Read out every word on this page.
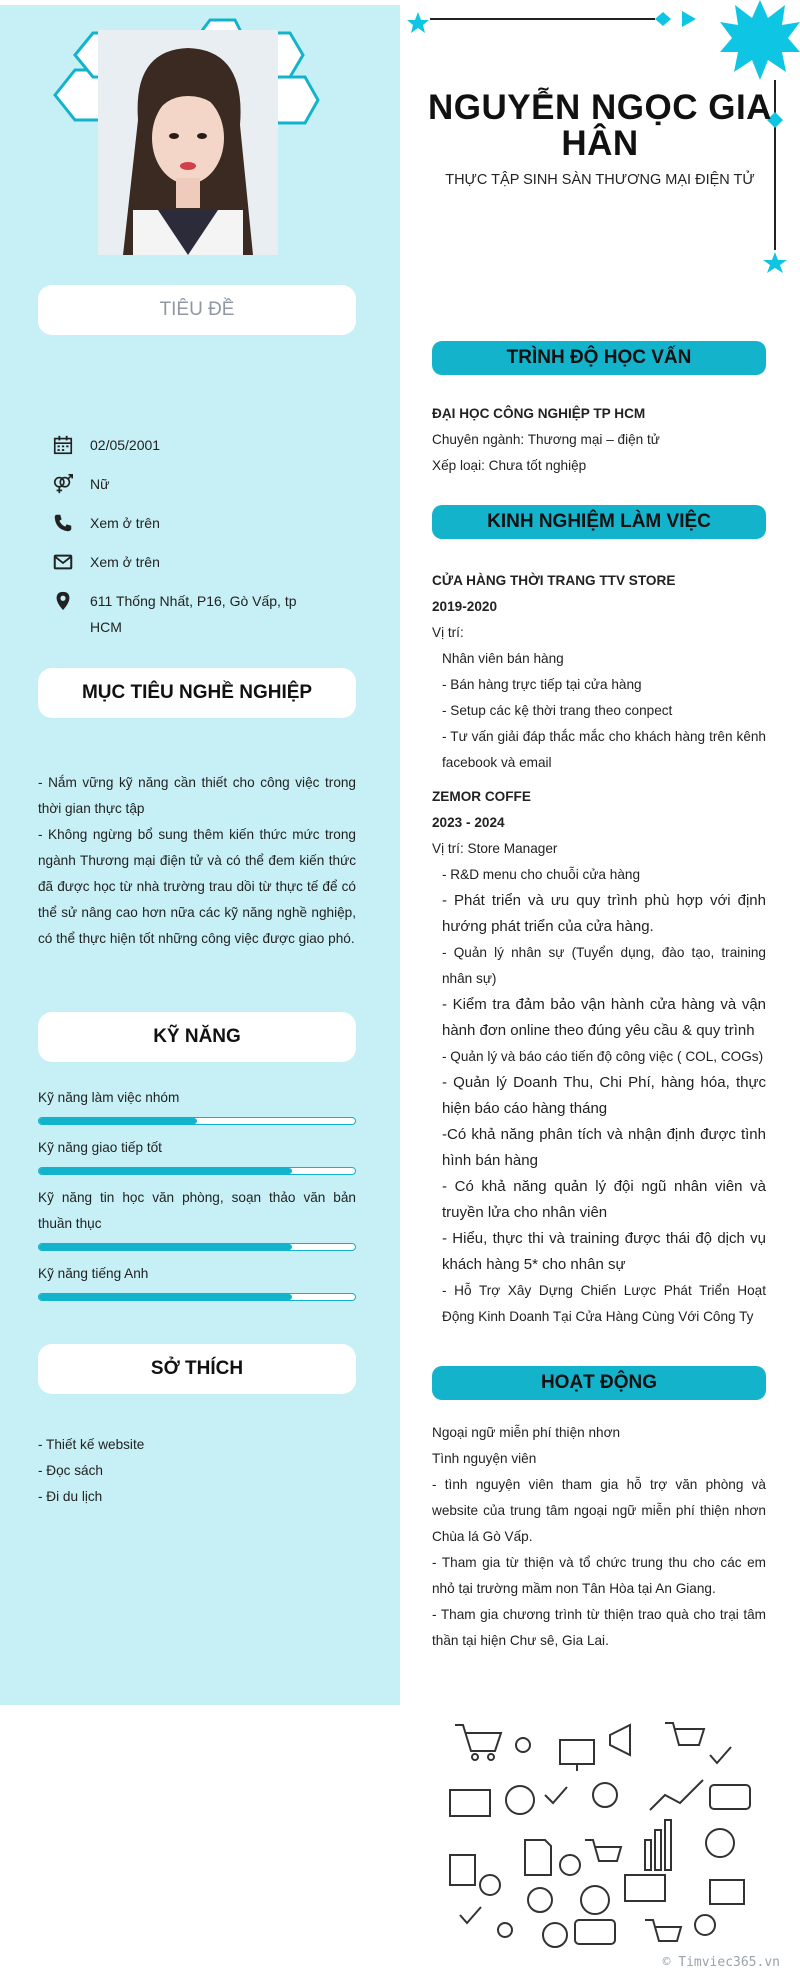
TIÊU ĐỀ
02/05/2001
Nữ
Xem ở trên
Xem ở trên
611 Thống Nhất, P16, Gò Vấp, tp HCM
MỤC TIÊU NGHỀ NGHIỆP

- Nắm vững kỹ năng cần thiết cho công việc trong thời gian thực tập

- Không ngừng bổ sung thêm kiến thức mức trong ngành Thương mại điện tử và có thể đem kiến thức đã được học từ nhà trường trau dồi từ thực tế để có thể sử nâng cao hơn nữa các kỹ năng nghề nghiệp, có thể thực hiện tốt những công việc được giao phó.

KỸ NĂNG
Kỹ năng làm việc nhóm
Kỹ năng giao tiếp tốt
Kỹ năng tin học văn phòng, soạn thảo văn bản thuần thục
Kỹ năng tiếng Anh
SỞ THÍCH
- Thiết kế website
- Đọc sách
- Đi du lịch
NGUYỄN NGỌC GIA HÂN
THỰC TẬP SINH SÀN THƯƠNG MẠI ĐIỆN TỬ
TRÌNH ĐỘ HỌC VẤN
ĐẠI HỌC CÔNG NGHIỆP TP HCM
Chuyên ngành: Thương mại – điện tử
Xếp loại: Chưa tốt nghiệp
KINH NGHIỆM LÀM VIỆC
CỬA HÀNG THỜI TRANG TTV STORE
2019-2020
Vị trí:
Nhân viên bán hàng
- Bán hàng trực tiếp tại cửa hàng
- Setup các kệ thời trang theo conpect
- Tư vấn giải đáp thắc mắc cho khách hàng trên kênh facebook và email
ZEMOR COFFE
2023 - 2024
Vị trí: Store Manager
- R&D menu cho chuỗi cửa hàng
- Phát triển và ưu quy trình phù hợp với định hướng phát triển của cửa hàng.
- Quản lý nhân sự (Tuyển dụng, đào tạo, training nhân sự)
- Kiểm tra đảm bảo vận hành cửa hàng và vận hành đơn online theo đúng yêu cầu & quy trình
- Quản lý và báo cáo tiến độ công việc ( COL, COGs)
- Quản lý Doanh Thu, Chi Phí, hàng hóa, thực hiện báo cáo hàng tháng
-Có khả năng phân tích và nhận định được tình hình bán hàng
- Có khả năng quản lý đội ngũ nhân viên và truyền lửa cho nhân viên
- Hiểu, thực thi và training được thái độ dịch vụ khách hàng 5* cho nhân sự
- Hỗ Trợ Xây Dựng Chiến Lược Phát Triển Hoạt Động Kinh Doanh Tại Cửa Hàng Cùng Với Công Ty
HOẠT ĐỘNG

Ngoại ngữ miễn phí thiện nhơn

Tình nguyện viên

- tình nguyện viên tham gia hỗ trợ văn phòng và website của trung tâm ngoại ngữ miễn phí thiện nhơn Chùa lá Gò Vấp.

- Tham gia từ thiện và tổ chức trung thu cho các em nhỏ tại trường mầm non Tân Hòa tại An Giang.

- Tham gia chương trình từ thiện trao quà cho trại tâm thần tại hiện Chư sê, Gia Lai.

© Timviec365.vn
